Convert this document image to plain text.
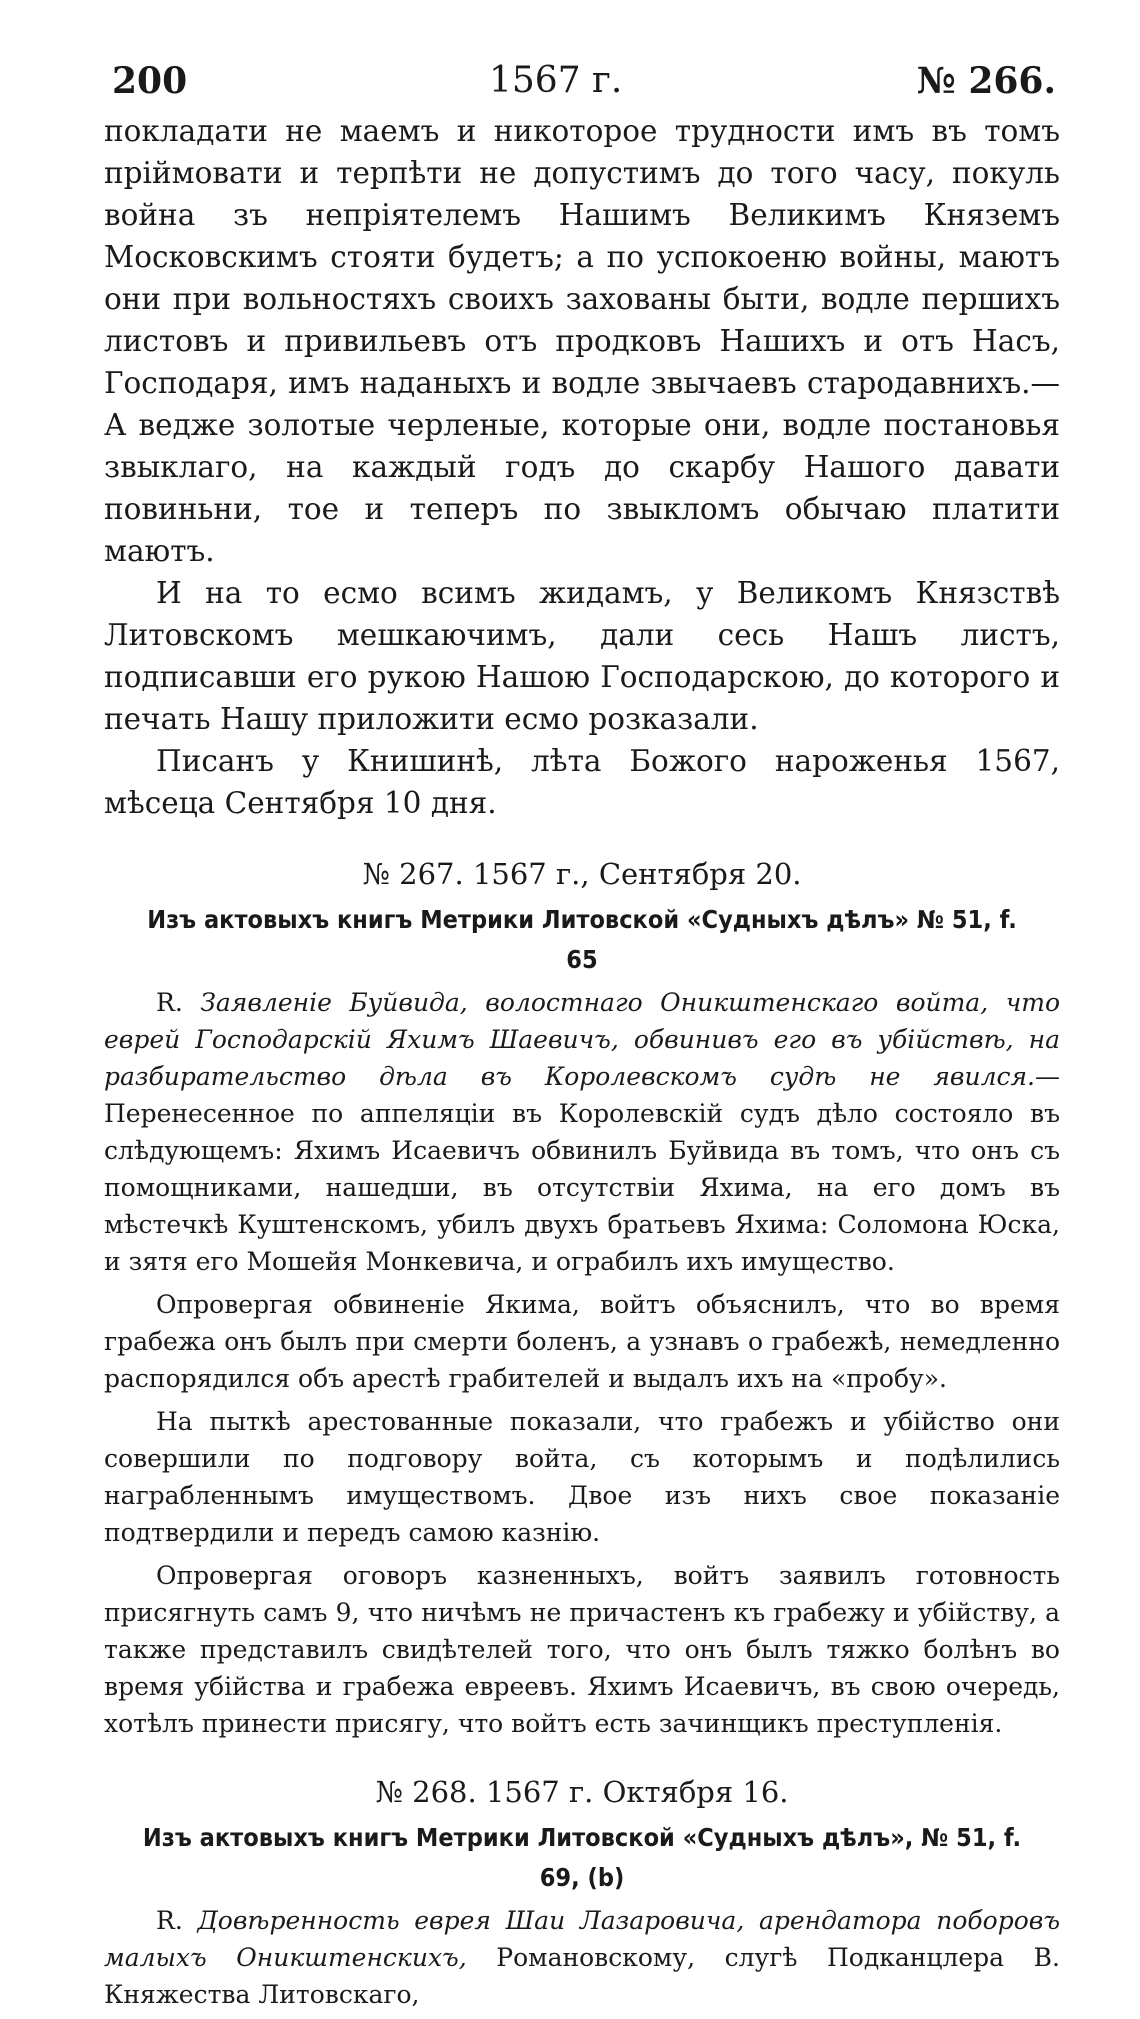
200	1567 г.	№ 266.

покладати не маемъ и никоторое трудности имъ въ томъ пріймовати и терпѣти не допустимъ до того часу, покуль война зъ непріятелемъ Нашимъ Великимъ Княземъ Московскимъ стояти будетъ; а по успокоеню войны, маютъ они при вольностяхъ своихъ захованы быти, водле першихъ листовъ и привильевъ отъ продковъ Нашихъ и отъ Насъ, Господаря, имъ наданыхъ и водле звычаевъ стародавнихъ.—А ведже золотые черленые, которые они, водле постановья звыклаго, на каждый годъ до скарбу Нашого давати повиньни, тое и теперъ по звыкломъ обычаю платити маютъ.

И на то есмо всимъ жидамъ, у Великомъ Князствѣ Литовскомъ мешкаючимъ, дали сесь Нашъ листъ, подписавши его рукою Нашою Господарскою, до которого и печать Нашу приложити есмо розказали.

Писанъ у Книшинѣ, лѣта Божого нароженья 1567, мѣсеца Сентября 10 дня.

№ 267. 1567 г., Сентября 20.
Изъ актовыхъ книгъ Метрики Литовской «Судныхъ дѣлъ» № 51, f. 65

R. Заявленіе Буйвида, волостнаго Оникштенскаго войта, что еврей Господарскій Яхимъ Шаевичъ, обвинивъ его въ убійствѣ, на разбирательство дѣла въ Королевскомъ судѣ не явился.—Перенесенное по аппеляціи въ Королевскій судъ дѣло состояло въ слѣдующемъ: Яхимъ Исаевичъ обвинилъ Буйвида въ томъ, что онъ съ помощниками, нашедши, въ отсутствіи Яхима, на его домъ въ мѣстечкѣ Куштенскомъ, убилъ двухъ братьевъ Яхима: Соломона Юска, и зятя его Мошейя Монкевича, и ограбилъ ихъ имущество.

Опровергая обвиненіе Якима, войтъ объяснилъ, что во время грабежа онъ былъ при смерти боленъ, а узнавъ о грабежѣ, немедленно распорядился объ арестѣ грабителей и выдалъ ихъ на «пробу».

На пыткѣ арестованные показали, что грабежъ и убійство они совершили по подговору войта, съ которымъ и подѣлились награбленнымъ имуществомъ. Двое изъ нихъ свое показаніе подтвердили и передъ самою казнію.

Опровергая оговоръ казненныхъ, войтъ заявилъ готовность присягнуть самъ 9, что ничѣмъ не причастенъ къ грабежу и убійству, а также представилъ свидѣтелей того, что онъ былъ тяжко болѣнъ во время убійства и грабежа евреевъ. Яхимъ Исаевичъ, въ свою очередь, хотѣлъ принести присягу, что войтъ есть зачинщикъ преступленія.

№ 268. 1567 г. Октября 16.
Изъ актовыхъ книгъ Метрики Литовской «Судныхъ дѣлъ», № 51, f. 69, (b)

R. Довѣренность еврея Шаи Лазаровича, арендатора поборовъ малыхъ Оникштенскихъ, Романовскому, слугѣ Подканцлера В. Княжества Литовскаго,
